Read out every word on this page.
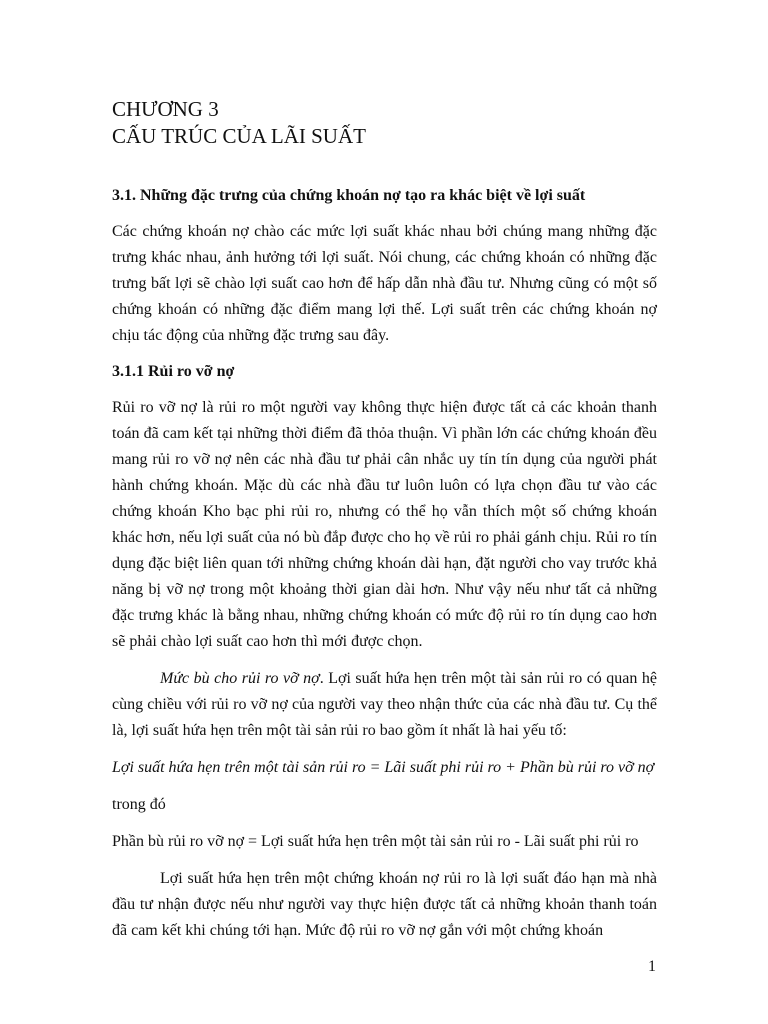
CHƯƠNG 3
CẤU TRÚC CỦA LÃI SUẤT
3.1. Những đặc trưng của chứng khoán nợ tạo ra khác biệt về lợi suất

Các chứng khoán nợ chào các mức lợi suất khác nhau bởi chúng mang những đặc trưng khác nhau, ảnh hưởng tới lợi suất. Nói chung, các chứng khoán có những đặc trưng bất lợi sẽ chào lợi suất cao hơn để hấp dẫn nhà đầu tư. Nhưng cũng có một số chứng khoán có những đặc điểm mang lợi thế. Lợi suất trên các chứng khoán nợ chịu tác động của những đặc trưng sau đây.

3.1.1 Rủi ro vỡ nợ

Rủi ro vỡ nợ là rủi ro một người vay không thực hiện được tất cả các khoản thanh toán đã cam kết tại những thời điểm đã thỏa thuận. Vì phần lớn các chứng khoán đều mang rủi ro vỡ nợ nên các nhà đầu tư phải cân nhắc uy tín tín dụng của người phát hành chứng khoán. Mặc dù các nhà đầu tư luôn luôn có lựa chọn đầu tư vào các chứng khoán Kho bạc phi rủi ro, nhưng có thể họ vẫn thích một số chứng khoán khác hơn, nếu lợi suất của nó bù đắp được cho họ về rủi ro phải gánh chịu. Rủi ro tín dụng đặc biệt liên quan tới những chứng khoán dài hạn, đặt người cho vay trước khả năng bị vỡ nợ trong một khoảng thời gian dài hơn. Như vậy nếu như tất cả những đặc trưng khác là bằng nhau, những chứng khoán có mức độ rủi ro tín dụng cao hơn sẽ phải chào lợi suất cao hơn thì mới được chọn.

Mức bù cho rủi ro vỡ nợ. Lợi suất hứa hẹn trên một tài sản rủi ro có quan hệ cùng chiều với rủi ro vỡ nợ của người vay theo nhận thức của các nhà đầu tư. Cụ thể là, lợi suất hứa hẹn trên một tài sản rủi ro bao gồm ít nhất là hai yếu tố:

Lợi suất hứa hẹn trên một tài sản rủi ro = Lãi suất phi rủi ro + Phần bù rủi ro vỡ nợ

trong đó

Phần bù rủi ro vỡ nợ = Lợi suất hứa hẹn trên một tài sản rủi ro - Lãi suất phi rủi ro

Lợi suất hứa hẹn trên một chứng khoán nợ rủi ro là lợi suất đáo hạn mà nhà đầu tư nhận được nếu như người vay thực hiện được tất cả những khoản thanh toán đã cam kết khi chúng tới hạn. Mức độ rủi ro vỡ nợ gắn với một chứng khoán

1
